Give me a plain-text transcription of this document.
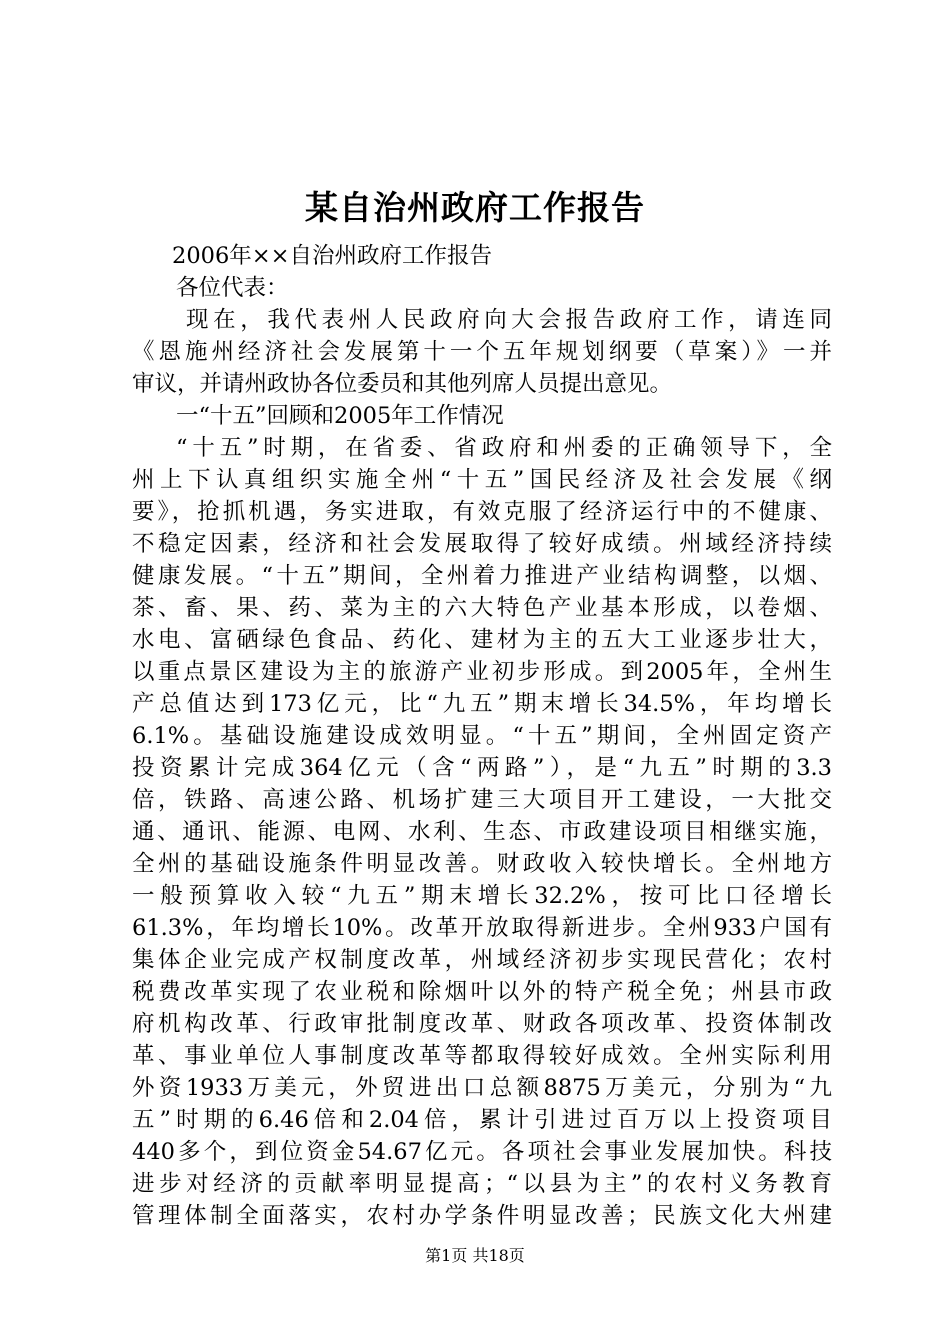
某自治州政府工作报告
2006年××自治州政府工作报告
各位代表：
现在，我代表州人民政府向大会报告政府工作，请连同
《恩施州经济社会发展第十一个五年规划纲要（草案）》一并
审议，并请州政协各位委员和其他列席人员提出意见。
一“十五”回顾和2005年工作情况
“十五”时期，在省委、省政府和州委的正确领导下，全
州上下认真组织实施全州“十五”国民经济及社会发展《纲
要》，抢抓机遇，务实进取，有效克服了经济运行中的不健康、
不稳定因素，经济和社会发展取得了较好成绩。州域经济持续
健康发展。“十五”期间，全州着力推进产业结构调整，以烟、
茶、畜、果、药、菜为主的六大特色产业基本形成，以卷烟、
水电、富硒绿色食品、药化、建材为主的五大工业逐步壮大，
以重点景区建设为主的旅游产业初步形成。到2005年，全州生
产总值达到173亿元，比“九五”期末增长34.5%，年均增长
6.1%。基础设施建设成效明显。“十五”期间，全州固定资产
投资累计完成364亿元（含“两路”），是“九五”时期的3.3
倍，铁路、高速公路、机场扩建三大项目开工建设，一大批交
通、通讯、能源、电网、水利、生态、市政建设项目相继实施，
全州的基础设施条件明显改善。财政收入较快增长。全州地方
一般预算收入较“九五”期末增长32.2%，按可比口径增长
61.3%，年均增长10%。改革开放取得新进步。全州933户国有
集体企业完成产权制度改革，州域经济初步实现民营化；农村
税费改革实现了农业税和除烟叶以外的特产税全免；州县市政
府机构改革、行政审批制度改革、财政各项改革、投资体制改
革、事业单位人事制度改革等都取得较好成效。全州实际利用
外资1933万美元，外贸进出口总额8875万美元，分别为“九
五”时期的6.46倍和2.04倍，累计引进过百万以上投资项目
440多个，到位资金54.67亿元。各项社会事业发展加快。科技
进步对经济的贡献率明显提高；“以县为主”的农村义务教育
管理体制全面落实，农村办学条件明显改善；民族文化大州建
第1页 共18页
